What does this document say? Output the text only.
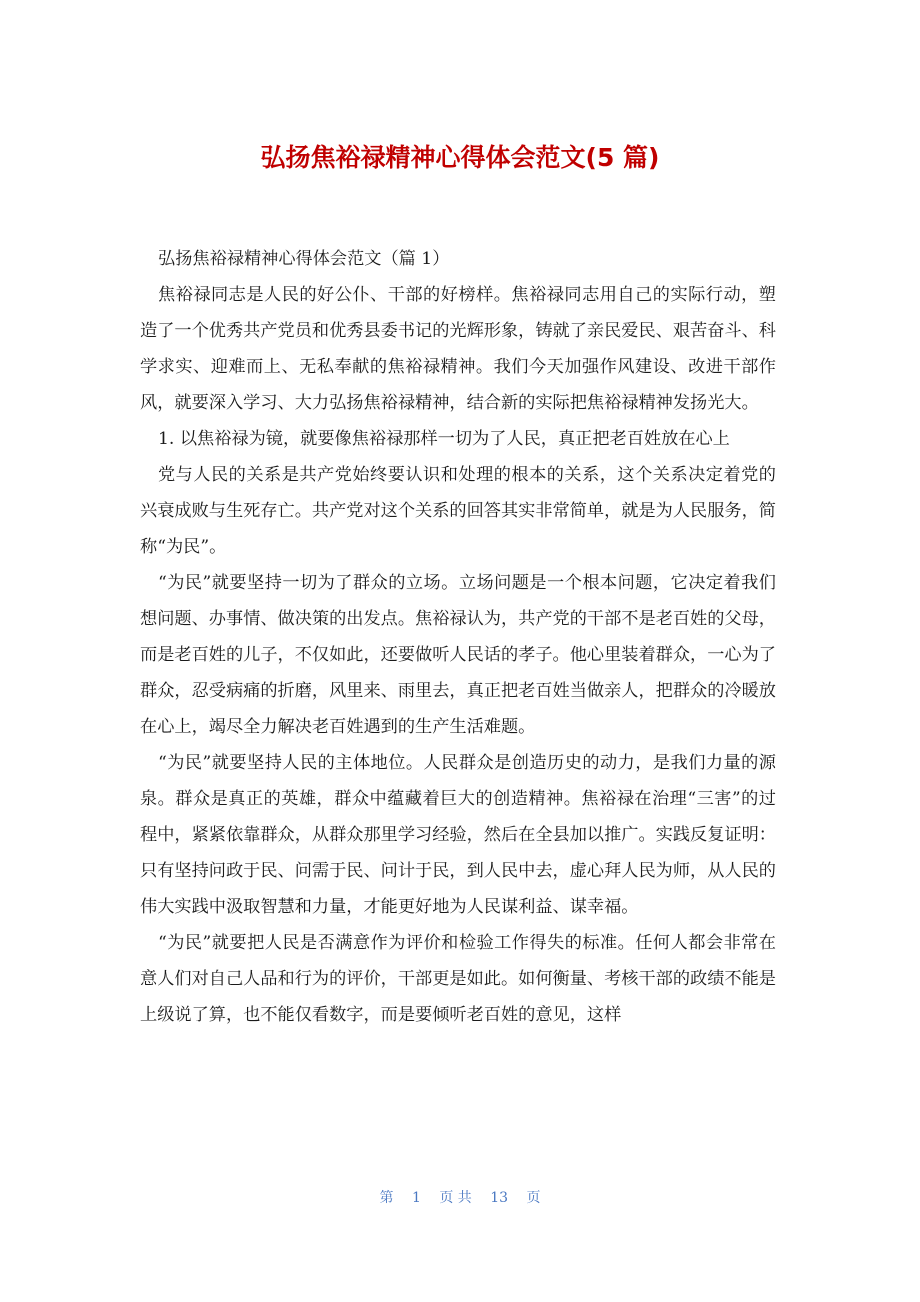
弘扬焦裕禄精神心得体会范文(5 篇)

弘扬焦裕禄精神心得体会范文（篇 1）

焦裕禄同志是人民的好公仆、干部的好榜样。焦裕禄同志用自己的实际行动，塑造了一个优秀共产党员和优秀县委书记的光辉形象，铸就了亲民爱民、艰苦奋斗、科学求实、迎难而上、无私奉献的焦裕禄精神。我们今天加强作风建设、改进干部作风，就要深入学习、大力弘扬焦裕禄精神，结合新的实际把焦裕禄精神发扬光大。

1. 以焦裕禄为镜，就要像焦裕禄那样一切为了人民，真正把老百姓放在心上

党与人民的关系是共产党始终要认识和处理的根本的关系，这个关系决定着党的兴衰成败与生死存亡。共产党对这个关系的回答其实非常简单，就是为人民服务，简称“为民”。

“为民”就要坚持一切为了群众的立场。立场问题是一个根本问题，它决定着我们想问题、办事情、做决策的出发点。焦裕禄认为，共产党的干部不是老百姓的父母，而是老百姓的儿子，不仅如此，还要做听人民话的孝子。他心里装着群众，一心为了群众，忍受病痛的折磨，风里来、雨里去，真正把老百姓当做亲人，把群众的冷暖放在心上，竭尽全力解决老百姓遇到的生产生活难题。

“为民”就要坚持人民的主体地位。人民群众是创造历史的动力，是我们力量的源泉。群众是真正的英雄，群众中蕴藏着巨大的创造精神。焦裕禄在治理“三害”的过程中，紧紧依靠群众，从群众那里学习经验，然后在全县加以推广。实践反复证明：只有坚持问政于民、问需于民、问计于民，到人民中去，虚心拜人民为师，从人民的伟大实践中汲取智慧和力量，才能更好地为人民谋利益、谋幸福。

“为民”就要把人民是否满意作为评价和检验工作得失的标准。任何人都会非常在意人们对自己人品和行为的评价，干部更是如此。如何衡量、考核干部的政绩不能是上级说了算，也不能仅看数字，而是要倾听老百姓的意见，这样

第 1 页 共 13 页
